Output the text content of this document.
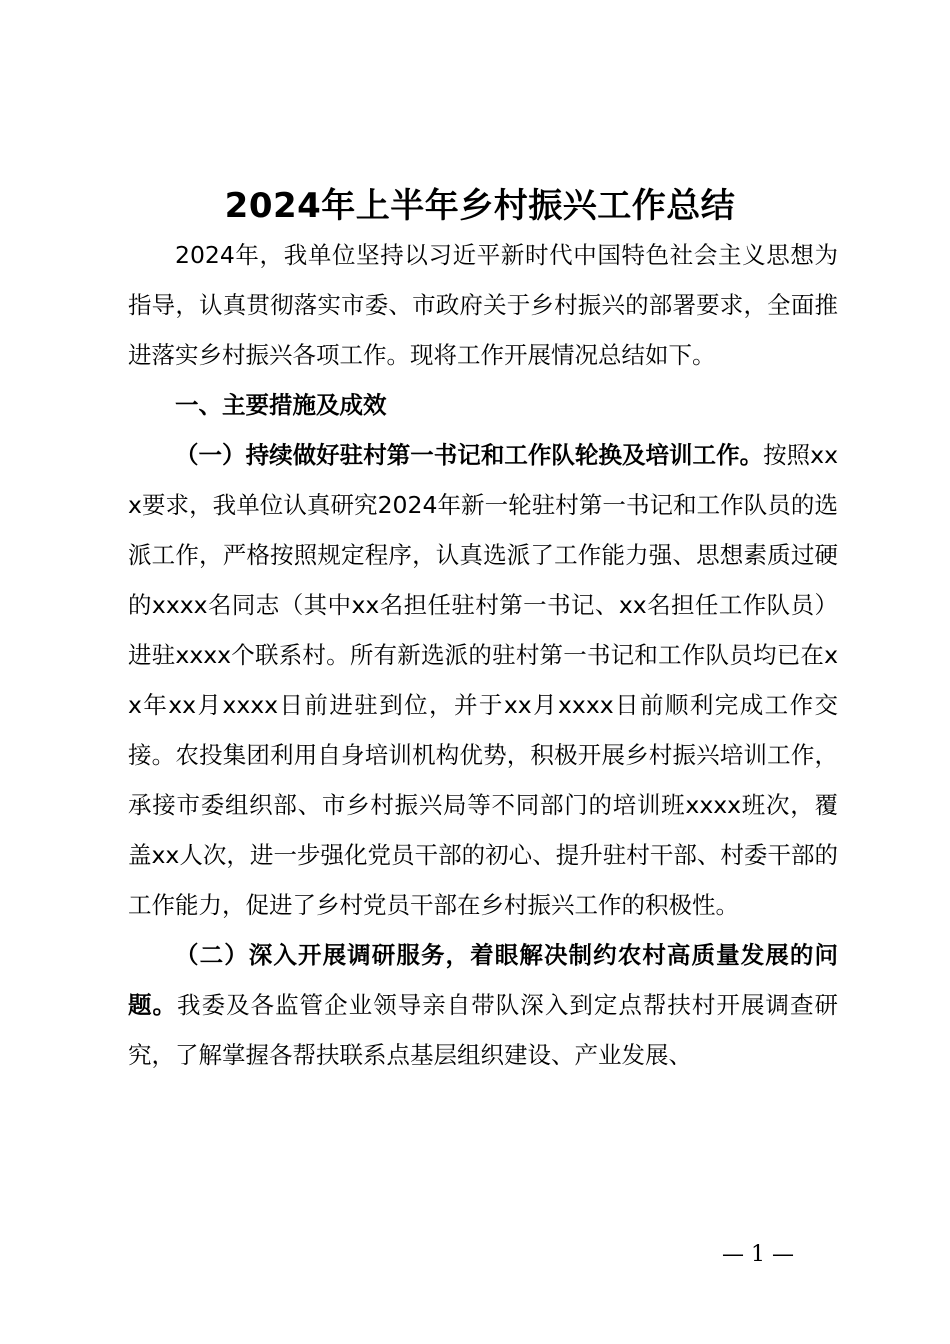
2024年上半年乡村振兴工作总结

2024年，我单位坚持以习近平新时代中国特色社会主义思想为指导，认真贯彻落实市委、市政府关于乡村振兴的部署要求，全面推进落实乡村振兴各项工作。现将工作开展情况总结如下。

一、主要措施及成效

（一）持续做好驻村第一书记和工作队轮换及培训工作。按照xxx要求，我单位认真研究2024年新一轮驻村第一书记和工作队员的选派工作，严格按照规定程序，认真选派了工作能力强、思想素质过硬的xxxx名同志（其中xx名担任驻村第一书记、xx名担任工作队员）进驻xxxx个联系村。所有新选派的驻村第一书记和工作队员均已在xx年xx月xxxx日前进驻到位，并于xx月xxxx日前顺利完成工作交接。农投集团利用自身培训机构优势，积极开展乡村振兴培训工作，承接市委组织部、市乡村振兴局等不同部门的培训班xxxx班次，覆盖xx人次，进一步强化党员干部的初心、提升驻村干部、村委干部的工作能力，促进了乡村党员干部在乡村振兴工作的积极性。

（二）深入开展调研服务，着眼解决制约农村高质量发展的问题。我委及各监管企业领导亲自带队深入到定点帮扶村开展调查研究，了解掌握各帮扶联系点基层组织建设、产业发展、

— 1 —
